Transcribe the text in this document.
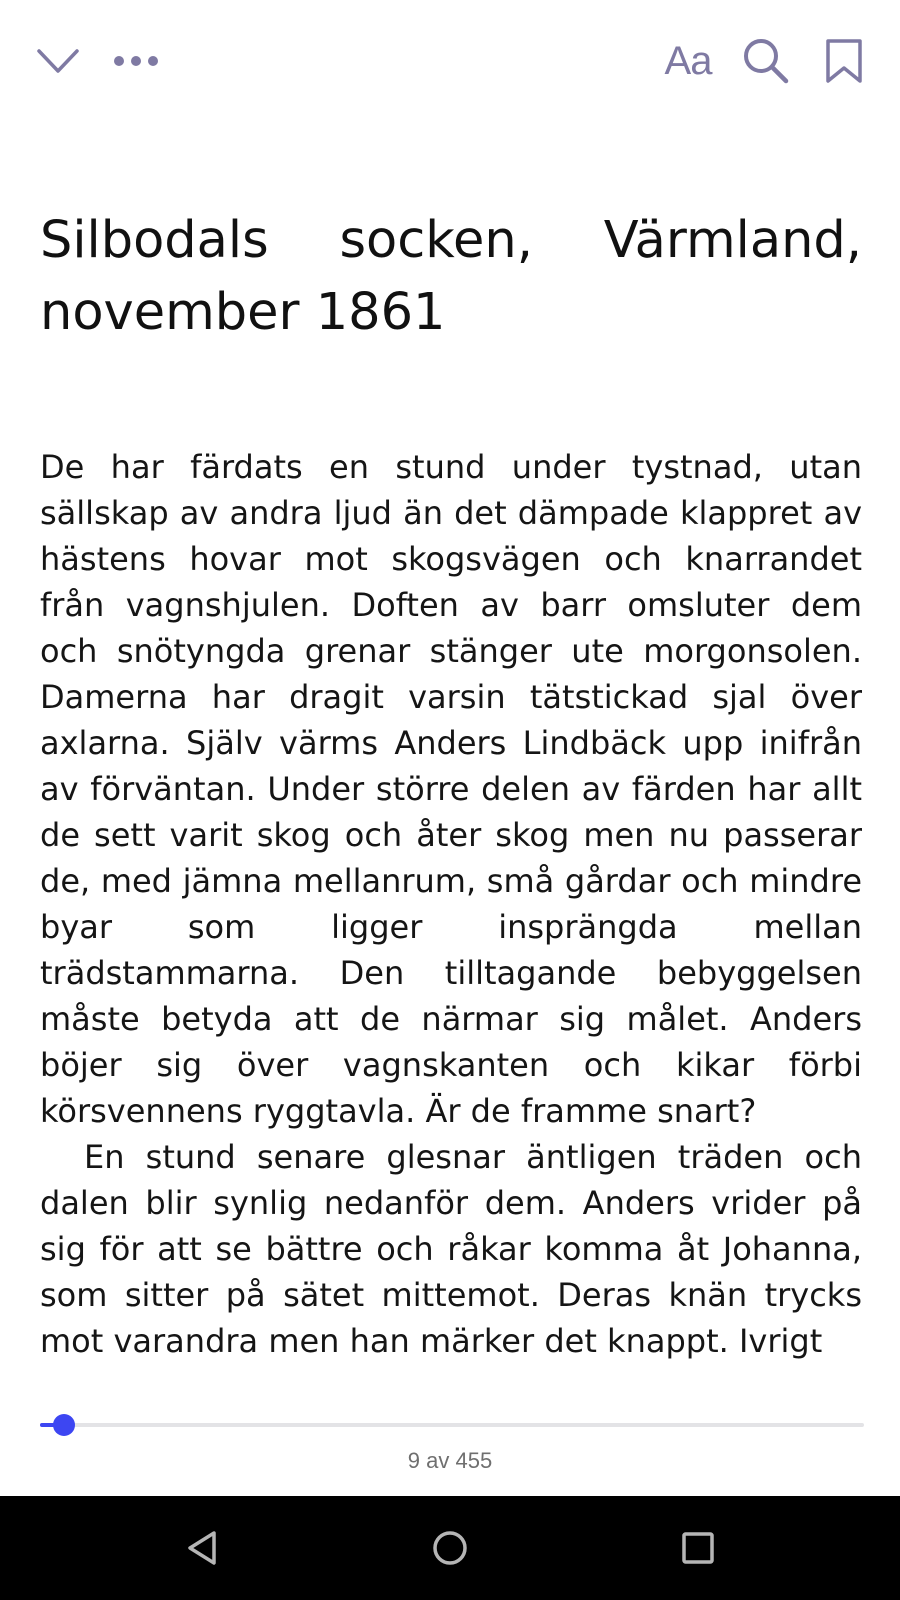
Aa
Silbodals socken, Värmland, november 1861

De har färdats en stund under tystnad, utan sällskap av andra ljud än det dämpade klappret av hästens hovar mot skogsvägen och knarrandet från vagnshjulen. Doften av barr omsluter dem och snötyngda grenar stänger ute morgonsolen. Damerna har dragit varsin tätstickad sjal över axlarna. Själv värms Anders Lindbäck upp inifrån av förväntan. Under större delen av färden har allt de sett varit skog och åter skog men nu passerar de, med jämna mellanrum, små gårdar och mindre byar som ligger insprängda mellan trädstammarna. Den tilltagande bebyggelsen måste betyda att de närmar sig målet. Anders böjer sig över vagnskanten och kikar förbi körsvennens ryggtavla. Är de framme snart?

En stund senare glesnar äntligen träden och dalen blir synlig nedanför dem. Anders vrider på sig för att se bättre och råkar komma åt Johanna, som sitter på sätet mittemot. Deras knän trycks mot varandra men han märker det knappt. Ivrigt

9 av 455
